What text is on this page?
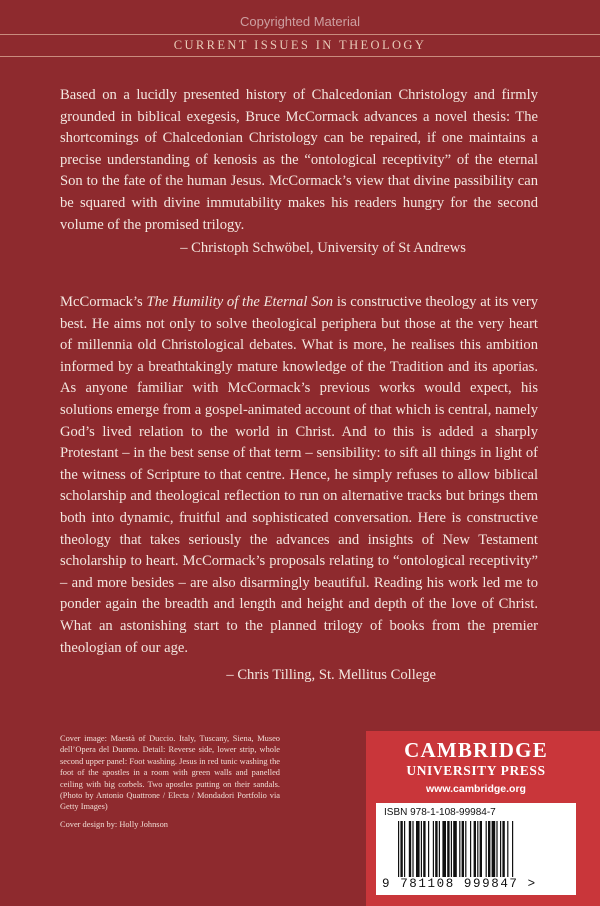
Copyrighted Material
CURRENT ISSUES IN THEOLOGY

Based on a lucidly presented history of Chalcedonian Christology and firmly grounded in biblical exegesis, Bruce McCormack advances a novel thesis: The shortcomings of Chalcedonian Christology can be repaired, if one maintains a precise understanding of kenosis as the “ontological receptivity” of the eternal Son to the fate of the human Jesus. McCormack’s view that divine passibility can be squared with divine immutability makes his readers hungry for the second volume of the promised trilogy.

– Christoph Schwöbel, University of St Andrews

McCormack’s The Humility of the Eternal Son is constructive theology at its very best. He aims not only to solve theological periphera but those at the very heart of millennia old Christological debates. What is more, he realises this ambition informed by a breathtakingly mature knowledge of the Tradition and its aporias. As anyone familiar with McCormack’s previous works would expect, his solutions emerge from a gospel-animated account of that which is central, namely God’s lived relation to the world in Christ. And to this is added a sharply Protestant – in the best sense of that term – sensibility: to sift all things in light of the witness of Scripture to that centre. Hence, he simply refuses to allow biblical scholarship and theological reflection to run on alternative tracks but brings them both into dynamic, fruitful and sophisticated conversation. Here is constructive theology that takes seriously the advances and insights of New Testament scholarship to heart. McCormack’s proposals relating to “ontological receptivity” – and more besides – are also disarmingly beautiful. Reading his work led me to ponder again the breadth and length and height and depth of the love of Christ. What an astonishing start to the planned trilogy of books from the premier theologian of our age.

– Chris Tilling, St. Mellitus College

Cover image: Maestà of Duccio. Italy, Tuscany, Siena, Museo dell’Opera del Duomo. Detail: Reverse side, lower strip, whole second upper panel: Foot washing. Jesus in red tunic washing the foot of the apostles in a room with green walls and panelled ceiling with big corbels. Two apostles putting on their sandals. (Photo by Antonio Quattrone / Electa / Mondadori Portfolio via Getty Images)

Cover design by: Holly Johnson

CAMBRIDGE
UNIVERSITY PRESS
www.cambridge.org
ISBN 978-1-108-99984-7
9 781108 999847 >
